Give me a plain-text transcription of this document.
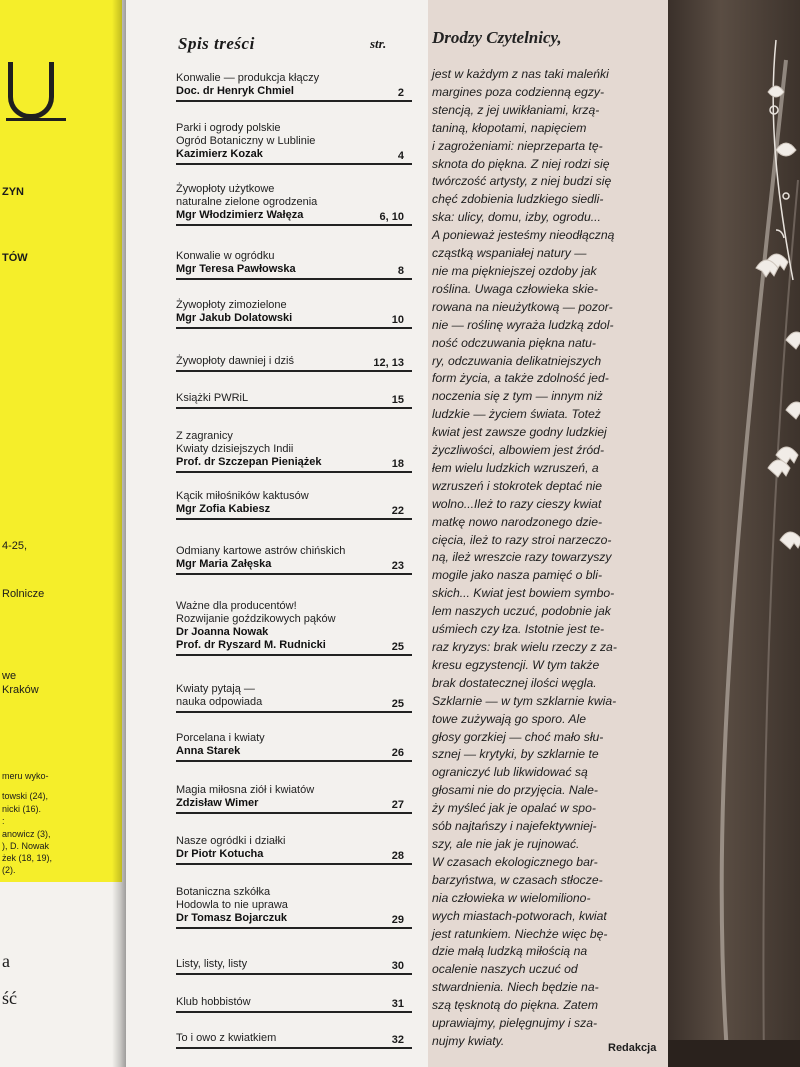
ZYN
TÓW
4-25,
Rolnicze
we
Kraków
meru wyko-
towski (24),
nicki (16).
:
anowicz (3),
), D. Nowak
żek (18, 19),
(2).
a
ść
Spis treści	str.
Konwalie — produkcja kłączy
Doc. dr Henryk Chmiel	2
Parki i ogrody polskie
Ogród Botaniczny w Lublinie
Kazimierz Kozak	4
Żywopłoty użytkowe
naturalne zielone ogrodzenia
Mgr Włodzimierz Wałęza	6, 10
Konwalie w ogródku
Mgr Teresa Pawłowska	8
Żywopłoty zimozielone
Mgr Jakub Dolatowski	10
Żywopłoty dawniej i dziś	12, 13
Książki PWRiL	15
Z zagranicy
Kwiaty dzisiejszych Indii
Prof. dr Szczepan Pieniążek	18
Kącik miłośników kaktusów
Mgr Zofia Kabiesz	22
Odmiany kartowe astrów chińskich
Mgr Maria Załęska	23
Ważne dla producentów!
Rozwijanie goździkowych pąków
Dr Joanna Nowak
Prof. dr Ryszard M. Rudnicki	25
Kwiaty pytają —
nauka odpowiada	25
Porcelana i kwiaty
Anna Starek	26
Magia miłosna ziół i kwiatów
Zdzisław Wimer	27
Nasze ogródki i działki
Dr Piotr Kotucha	28
Botaniczna szkółka
Hodowla to nie uprawa
Dr Tomasz Bojarczuk	29
Listy, listy, listy	30
Klub hobbistów	31
To i owo z kwiatkiem	32
Drodzy Czytelnicy,
jest w każdym z nas taki maleńki
margines poza codzienną egzy-
stencją, z jej uwikłaniami, krzą-
taniną, kłopotami, napięciem
i zagrożeniami: nieprzeparta tę-
sknota do piękna. Z niej rodzi się
twórczość artysty, z niej budzi się
chęć zdobienia ludzkiego siedli-
ska: ulicy, domu, izby, ogrodu...
A ponieważ jesteśmy nieodłączną
cząstką wspaniałej natury —
nie ma piękniejszej ozdoby jak
roślina. Uwaga człowieka skie-
rowana na nieużytkową — pozor-
nie — roślinę wyraża ludzką zdol-
ność odczuwania piękna natu-
ry, odczuwania delikatniejszych
form życia, a także zdolność jed-
noczenia się z tym — innym niż
ludzkie — życiem świata. Toteż
kwiat jest zawsze godny ludzkiej
życzliwości, albowiem jest źród-
łem wielu ludzkich wzruszeń, a
wzruszeń i stokrotek deptać nie
wolno...Ileż to razy cieszy kwiat
matkę nowo narodzonego dzie-
cięcia, ileż to razy stroi narzeczo-
ną, ileż wreszcie razy towarzyszy
mogile jako nasza pamięć o bli-
skich... Kwiat jest bowiem symbo-
lem naszych uczuć, podobnie jak
uśmiech czy łza. Istotnie jest te-
raz kryzys: brak wielu rzeczy z za-
kresu egzystencji. W tym także
brak dostatecznej ilości węgla.
Szklarnie — w tym szklarnie kwia-
towe zużywają go sporo. Ale
głosy gorzkiej — choć mało słu-
sznej — krytyki, by szklarnie te
ograniczyć lub likwidować są
głosami nie do przyjęcia. Nale-
ży myśleć jak je opalać w spo-
sób najtańszy i najefektywniej-
szy, ale nie jak je rujnować.
W czasach ekologicznego bar-
barzyństwa, w czasach stłocze-
nia człowieka w wielomiliono-
wych miastach-potworach, kwiat
jest ratunkiem. Niechże więc bę-
dzie małą ludzką miłością na
ocalenie naszych uczuć od
stwardnienia. Niech będzie na-
szą tęsknotą do piękna. Zatem
uprawiajmy, pielęgnujmy i sza-
nujmy kwiaty.
Redakcja
